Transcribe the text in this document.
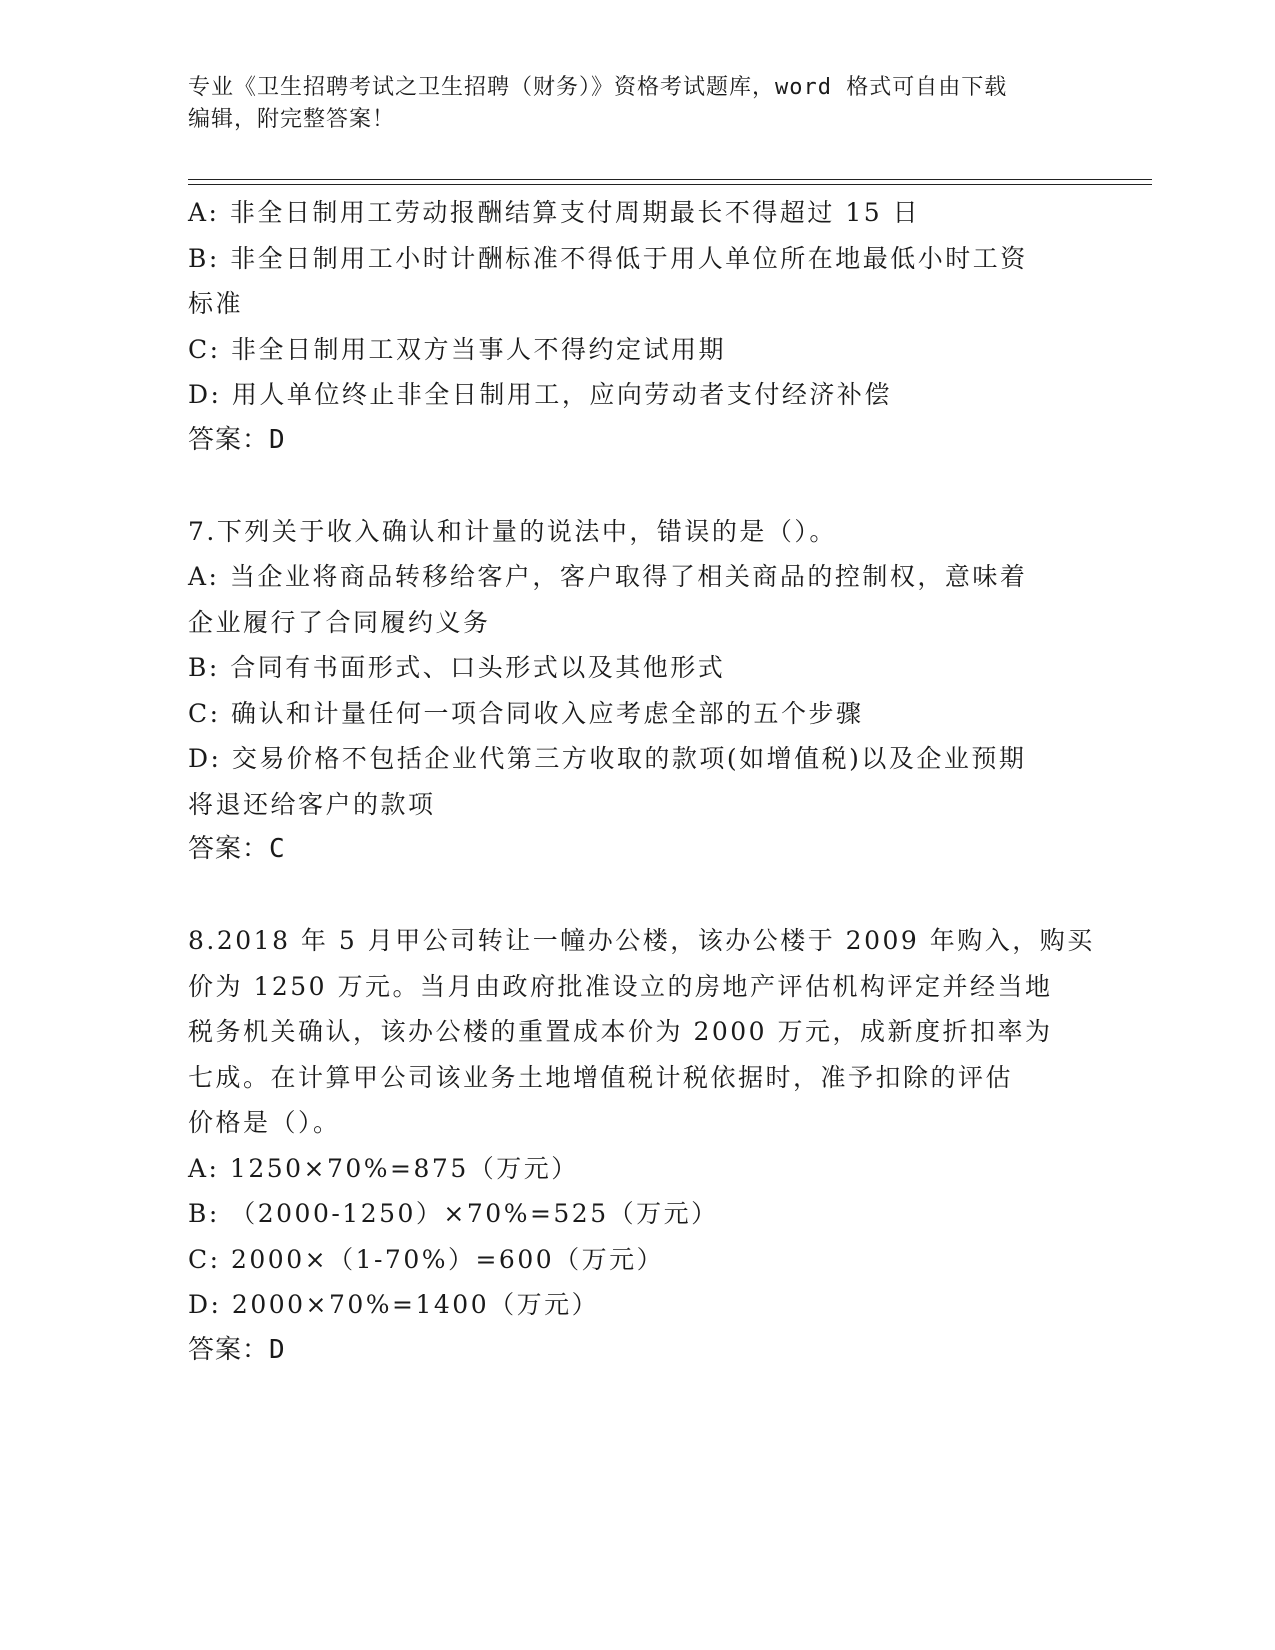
专业《卫生招聘考试之卫生招聘（财务）》资格考试题库，word 格式可自由下载
编辑，附完整答案！
A: 非全日制用工劳动报酬结算支付周期最长不得超过 15 日
B: 非全日制用工小时计酬标准不得低于用人单位所在地最低小时工资
标准
C: 非全日制用工双方当事人不得约定试用期
D: 用人单位终止非全日制用工，应向劳动者支付经济补偿
答案：D
7.下列关于收入确认和计量的说法中，错误的是（）。
A: 当企业将商品转移给客户，客户取得了相关商品的控制权，意味着
企业履行了合同履约义务
B: 合同有书面形式、口头形式以及其他形式
C: 确认和计量任何一项合同收入应考虑全部的五个步骤
D: 交易价格不包括企业代第三方收取的款项(如增值税)以及企业预期
将退还给客户的款项
答案：C
8.2018 年 5 月甲公司转让一幢办公楼，该办公楼于 2009 年购入，购买
价为 1250 万元。当月由政府批准设立的房地产评估机构评定并经当地
税务机关确认，该办公楼的重置成本价为 2000 万元，成新度折扣率为
七成。在计算甲公司该业务土地增值税计税依据时，准予扣除的评估
价格是（）。
A: 1250×70%=875（万元）
B: （2000-1250）×70%=525（万元）
C: 2000×（1-70%）=600（万元）
D: 2000×70%=1400（万元）
答案：D
